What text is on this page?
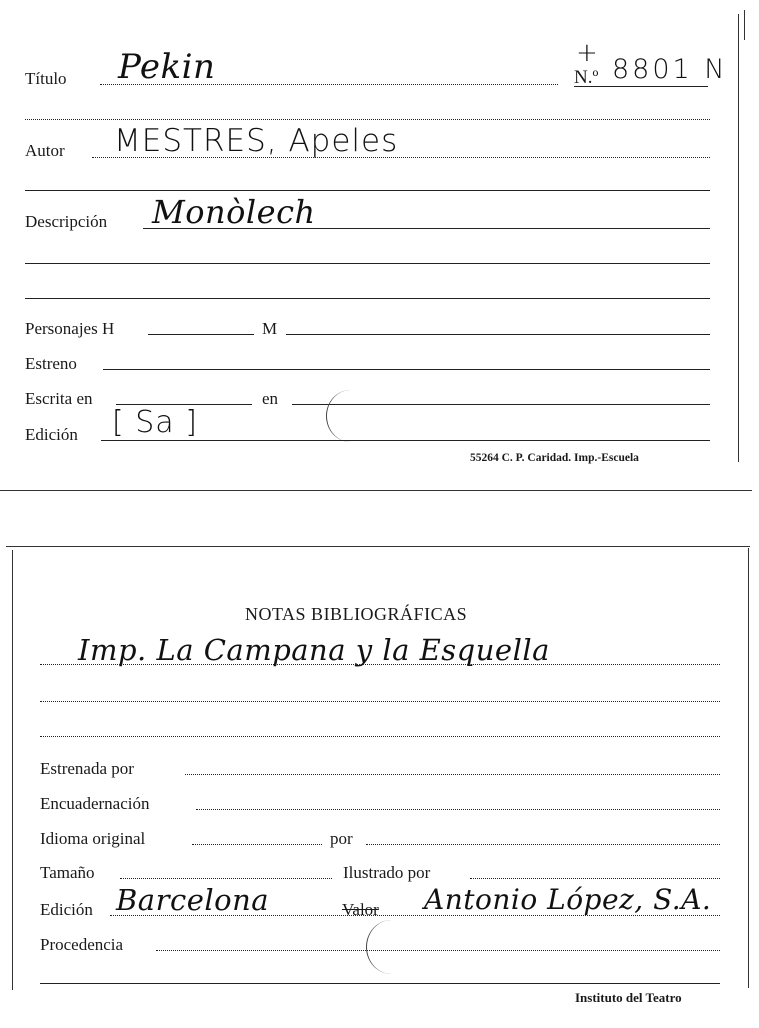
Título Pekin	+
N.º 8801 N
Autor MESTRES, Apeles
Descripción Monòlech
Personajes H	M
Estreno
Escrita en	en
Edición [ Sa ]
55264 C. P. Caridad. Imp.-Escuela
NOTAS BIBLIOGRÁFICAS
Imp. La Campana y la Esquella
Estrenada por
Encuadernación
Idioma original	por
Tamaño	Ilustrado por
Edición Barcelona	Valor Antonio López, S.A.
Procedencia
Instituto del Teatro
